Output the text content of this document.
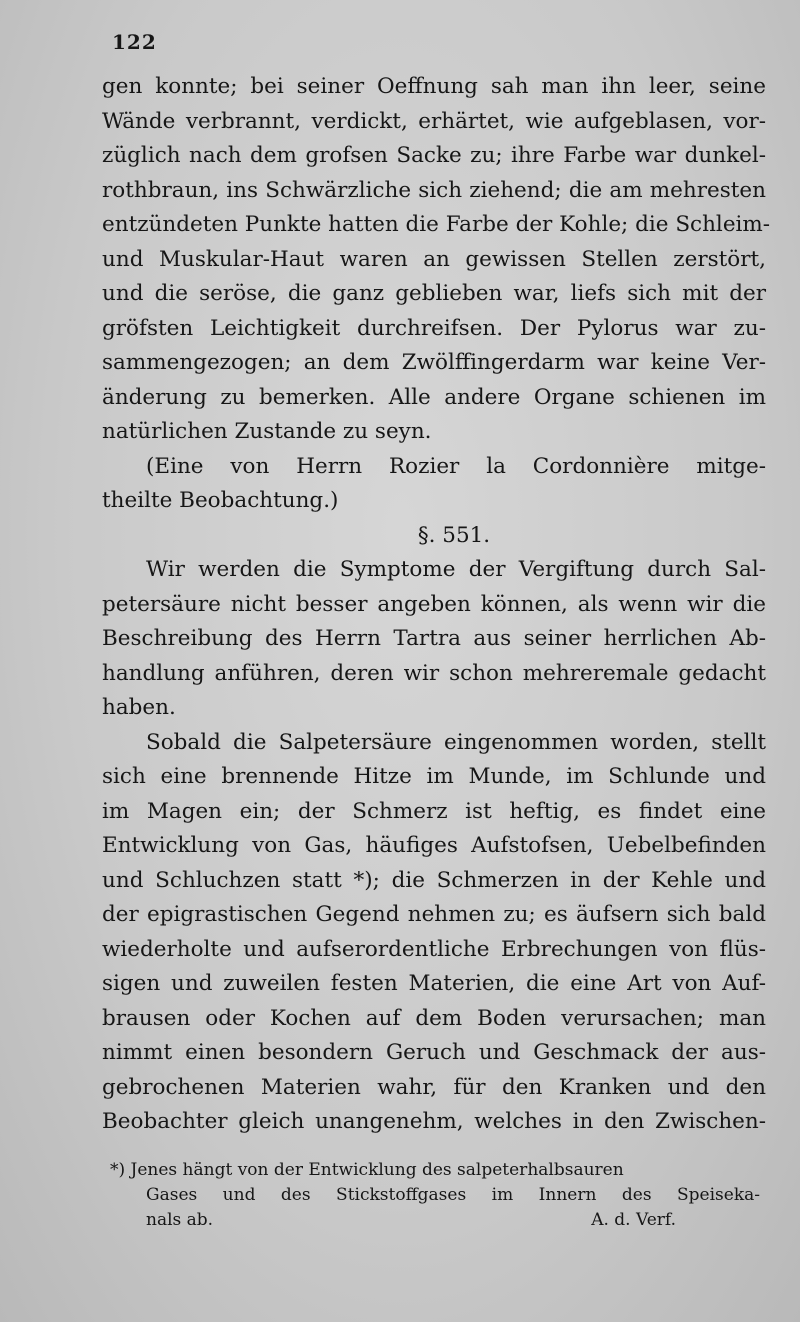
122
gen konnte; bei seiner Oeffnung sah man ihn leer, seine
Wände verbrannt, verdickt, erhärtet, wie aufgeblasen, vor-
züglich nach dem grofsen Sacke zu; ihre Farbe war dunkel-
rothbraun, ins Schwärzliche sich ziehend; die am mehresten
entzündeten Punkte hatten die Farbe der Kohle; die Schleim-
und Muskular-Haut waren an gewissen Stellen zerstört,
und die seröse, die ganz geblieben war, liefs sich mit der
gröfsten Leichtigkeit durchreifsen. Der Pylorus war zu-
sammengezogen; an dem Zwölffingerdarm war keine Ver-
änderung zu bemerken. Alle andere Organe schienen im
natürlichen Zustande zu seyn.
(Eine von Herrn Rozier la Cordonnière mitge-
theilte Beobachtung.)
§. 551.
Wir werden die Symptome der Vergiftung durch Sal-
petersäure nicht besser angeben können, als wenn wir die
Beschreibung des Herrn Tartra aus seiner herrlichen Ab-
handlung anführen, deren wir schon mehreremale gedacht
haben.
Sobald die Salpetersäure eingenommen worden, stellt
sich eine brennende Hitze im Munde, im Schlunde und
im Magen ein; der Schmerz ist heftig, es findet eine
Entwicklung von Gas, häufiges Aufstofsen, Uebelbefinden
und Schluchzen statt *); die Schmerzen in der Kehle und
der epigrastischen Gegend nehmen zu; es äufsern sich bald
wiederholte und aufserordentliche Erbrechungen von flüs-
sigen und zuweilen festen Materien, die eine Art von Auf-
brausen oder Kochen auf dem Boden verursachen; man
nimmt einen besondern Geruch und Geschmack der aus-
gebrochenen Materien wahr, für den Kranken und den
Beobachter gleich unangenehm, welches in den Zwischen-
*) Jenes hängt von der Entwicklung des salpeterhalbsauren
Gases und des Stickstoffgases im Innern des Speiseka-
nals ab.	A. d. Verf.
